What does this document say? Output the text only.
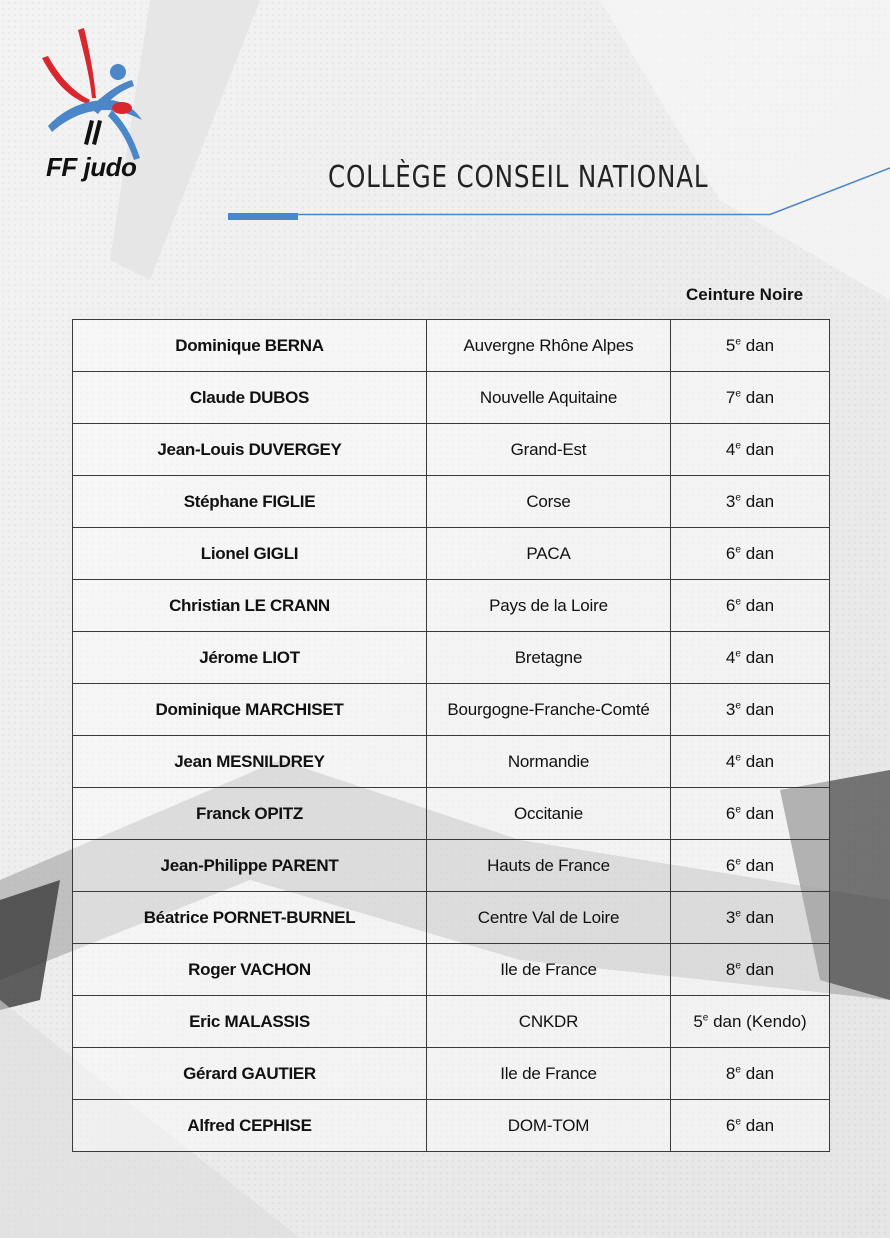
FF judo	COLLÈGE CONSEIL NATIONAL
Ceinture Noire
Dominique BERNA	Auvergne Rhône Alpes	5e dan
Claude DUBOS	Nouvelle Aquitaine	7e dan
Jean-Louis DUVERGEY	Grand-Est	4e dan
Stéphane FIGLIE	Corse	3e dan
Lionel GIGLI	PACA	6e dan
Christian LE CRANN	Pays de la Loire	6e dan
Jérome LIOT	Bretagne	4e dan
Dominique MARCHISET	Bourgogne-Franche-Comté	3e dan
Jean MESNILDREY	Normandie	4e dan
Franck OPITZ	Occitanie	6e dan
Jean-Philippe PARENT	Hauts de France	6e dan
Béatrice PORNET-BURNEL	Centre Val de Loire	3e dan
Roger VACHON	Ile de France	8e dan
Eric MALASSIS	CNKDR	5e dan (Kendo)
Gérard GAUTIER	Ile de France	8e dan
Alfred CEPHISE	DOM-TOM	6e dan
